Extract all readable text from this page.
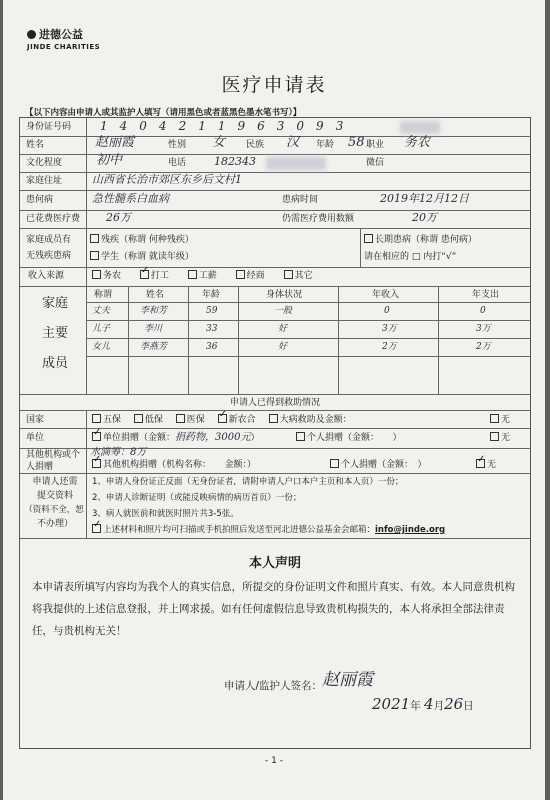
进德公益
JINDE CHARITIES
医疗申请表
【以下内容由申请人或其监护人填写（请用黑色或者蓝黑色墨水笔书写）】
身份证号码 1404211963093
姓名	赵丽霞	性别 女 民族 汉 年龄 58 职业 务农
文化程度	初中	电话	182343	微信
家庭住址	山西省长治市郊区东乡后文村1
患何病	急性髓系白血病	患病时间	2019年12月12日
已花费医疗费 26万	仍需医疗费用数额	20万
家庭成员有
无残疾患病
残疾（称谓 何种残疾）	长期患病（称谓 患何病）
学生（称谓 就读年级）	请在相应的 □ 内打“√”
收入来源	务农 ✓	打工	工薪	经商	其它
家庭
主要
成员
称谓	姓名	年龄	身体状况	年收入	年支出
丈夫	李和芳	59	一般	0	0
儿子	李川	33	好	3万	3万
女儿	李燕芳	36	好	2万	2万
申请人已得到救助情况
国家	五保	低保	医保 ✓	新农合	大病救助及金额：	无
单位 ✓	单位捐赠（金额：捐药物，3000元）	个人捐赠（金额：　　）	无
其他机构或个
人捐赠
水滴筹：8万
✓其他机构捐赠（机构名称：　　 金额：）	个人捐赠（金额：　） ✓	无
申请人还需
提交资料
（资料不全，恕
不办理）
1、申请人身份证正反面（无身份证者，请附申请人户口本户主页和本人页）一份；
2、申请人诊断证明（或能反映病情的病历首页）一份；
3、病人就医前和就医时照片共3-5张。
✓上述材料和照片均可扫描或手机拍照后发送至河北进德公益基金会邮箱：info@jinde.org
本人声明
本申请表所填写内容均为我个人的真实信息，所提交的身份证明文件和照片真实、有效。本人同意贵机构将我提供的上述信息登报，并上网求援。如有任何虚假信息导致贵机构损失的，本人将承担全部法律责任，与贵机构无关！
申请人/监护人签名： 赵丽霞
2021年 4月26日
- 1 -
